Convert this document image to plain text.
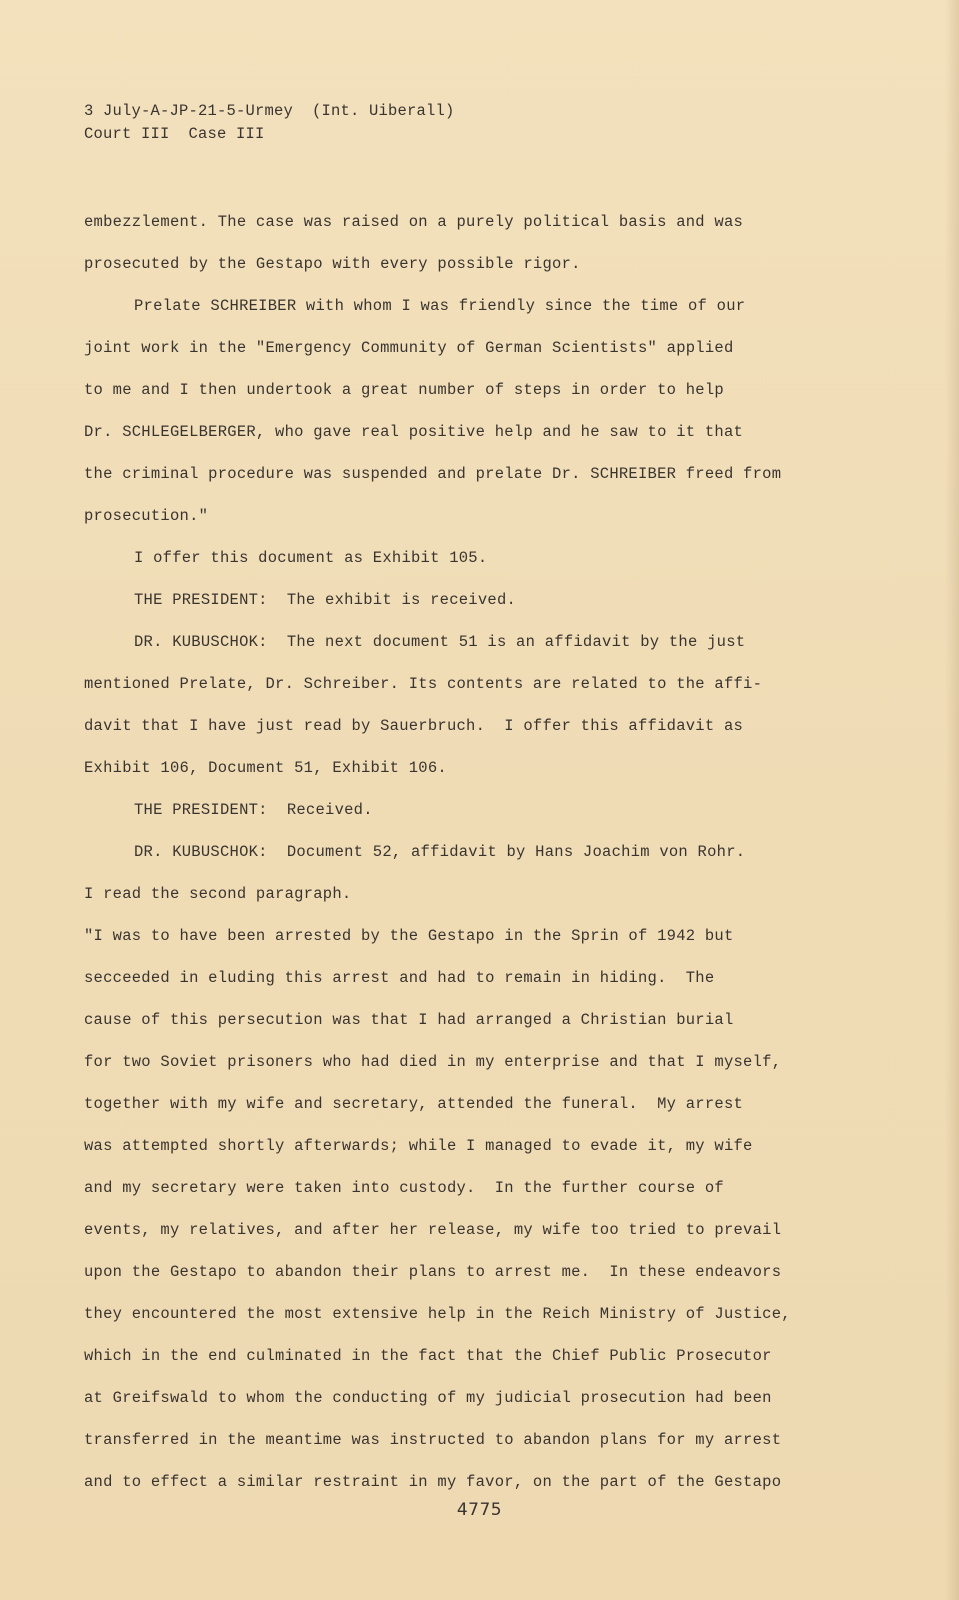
3 July-A-JP-21-5-Urmey  (Int. Uiberall)
Court III  Case III
embezzlement. The case was raised on a purely political basis and was
prosecuted by the Gestapo with every possible rigor.
Prelate SCHREIBER with whom I was friendly since the time of our
joint work in the "Emergency Community of German Scientists" applied
to me and I then undertook a great number of steps in order to help
Dr. SCHLEGELBERGER, who gave real positive help and he saw to it that
the criminal procedure was suspended and prelate Dr. SCHREIBER freed from
prosecution."
I offer this document as Exhibit 105.
THE PRESIDENT:  The exhibit is received.
DR. KUBUSCHOK:  The next document 51 is an affidavit by the just
mentioned Prelate, Dr. Schreiber. Its contents are related to the affi-
davit that I have just read by Sauerbruch.  I offer this affidavit as
Exhibit 106, Document 51, Exhibit 106.
THE PRESIDENT:  Received.
DR. KUBUSCHOK:  Document 52, affidavit by Hans Joachim von Rohr.
I read the second paragraph.
"I was to have been arrested by the Gestapo in the Sprin of 1942 but
secceeded in eluding this arrest and had to remain in hiding.  The
cause of this persecution was that I had arranged a Christian burial
for two Soviet prisoners who had died in my enterprise and that I myself,
together with my wife and secretary, attended the funeral.  My arrest
was attempted shortly afterwards; while I managed to evade it, my wife
and my secretary were taken into custody.  In the further course of
events, my relatives, and after her release, my wife too tried to prevail
upon the Gestapo to abandon their plans to arrest me.  In these endeavors
they encountered the most extensive help in the Reich Ministry of Justice,
which in the end culminated in the fact that the Chief Public Prosecutor
at Greifswald to whom the conducting of my judicial prosecution had been
transferred in the meantime was instructed to abandon plans for my arrest
and to effect a similar restraint in my favor, on the part of the Gestapo
4775
